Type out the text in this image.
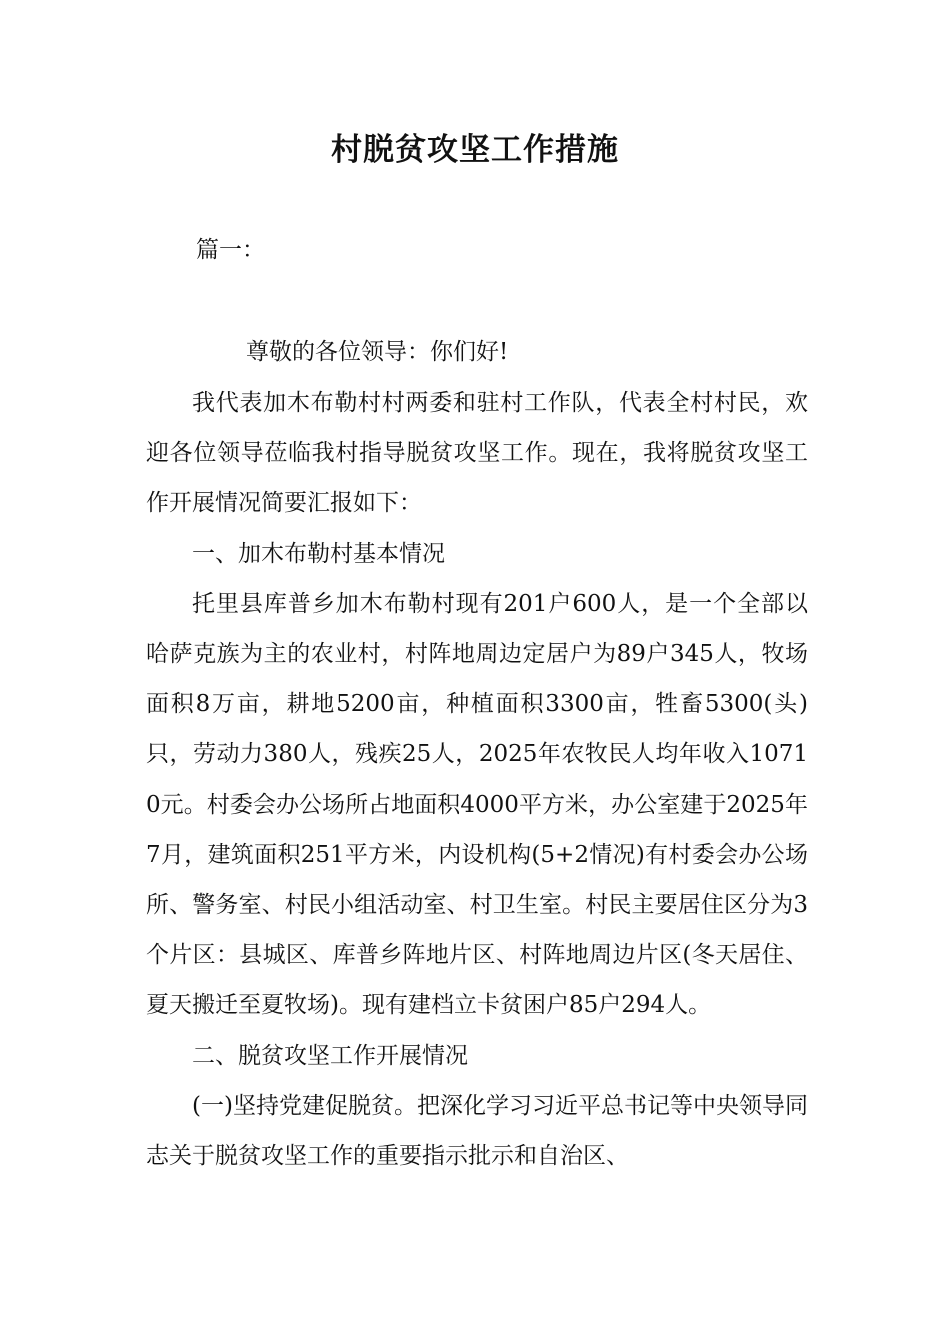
村脱贫攻坚工作措施
篇一：
尊敬的各位领导：你们好!

我代表加木布勒村村两委和驻村工作队，代表全村村民，欢迎各位领导莅临我村指导脱贫攻坚工作。现在，我将脱贫攻坚工作开展情况简要汇报如下：

一、加木布勒村基本情况

托里县库普乡加木布勒村现有201户600人，是一个全部以哈萨克族为主的农业村，村阵地周边定居户为89户345人，牧场面积8万亩，耕地5200亩，种植面积3300亩，牲畜5300(头)只，劳动力380人，残疾25人，2025年农牧民人均年收入10710元。村委会办公场所占地面积4000平方米，办公室建于2025年7月，建筑面积251平方米，内设机构(5+2情况)有村委会办公场所、警务室、村民小组活动室、村卫生室。村民主要居住区分为3个片区：县城区、库普乡阵地片区、村阵地周边片区(冬天居住、夏天搬迁至夏牧场)。现有建档立卡贫困户85户294人。

二、脱贫攻坚工作开展情况

(一)坚持党建促脱贫。把深化学习习近平总书记等中央领导同志关于脱贫攻坚工作的重要指示批示和自治区、
